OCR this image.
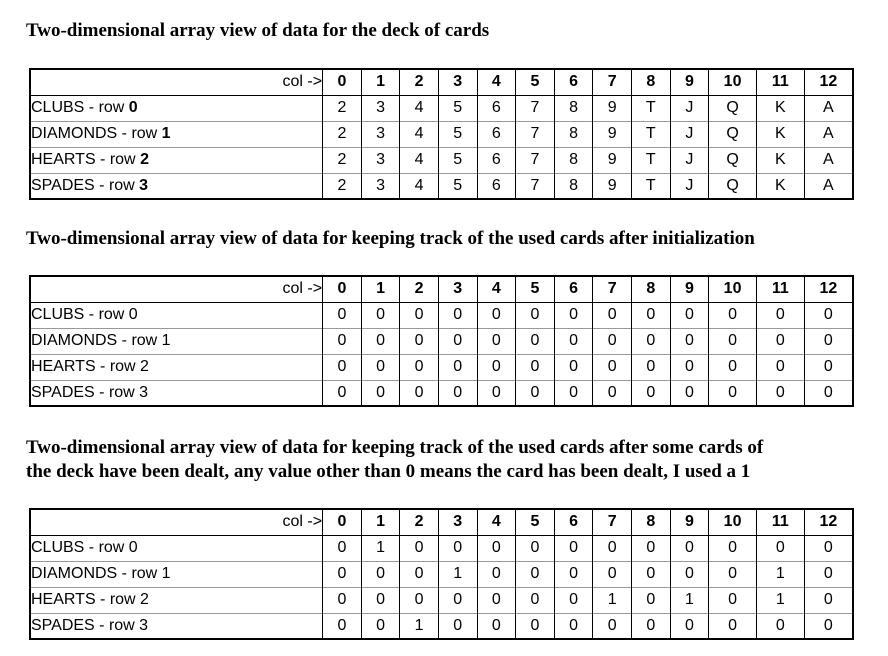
Two-dimensional array view of data for the deck of cards
col ->	0	1	2	3	4	5	6	7	8	9	10	11	12
CLUBS - row 0	2	3	4	5	6	7	8	9	T	J	Q	K	A
DIAMONDS - row 1	2	3	4	5	6	7	8	9	T	J	Q	K	A
HEARTS - row 2	2	3	4	5	6	7	8	9	T	J	Q	K	A
SPADES - row 3	2	3	4	5	6	7	8	9	T	J	Q	K	A
Two-dimensional array view of data for keeping track of the used cards after initialization
col ->	0	1	2	3	4	5	6	7	8	9	10	11	12
CLUBS - row 0	0	0	0	0	0	0	0	0	0	0	0	0	0
DIAMONDS - row 1	0	0	0	0	0	0	0	0	0	0	0	0	0
HEARTS - row 2	0	0	0	0	0	0	0	0	0	0	0	0	0
SPADES - row 3	0	0	0	0	0	0	0	0	0	0	0	0	0
Two-dimensional array view of data for keeping track of the used cards after some cards of
the deck have been dealt, any value other than 0 means the card has been dealt, I used a 1
col ->	0	1	2	3	4	5	6	7	8	9	10	11	12
CLUBS - row 0	0	1	0	0	0	0	0	0	0	0	0	0	0
DIAMONDS - row 1	0	0	0	1	0	0	0	0	0	0	0	1	0
HEARTS - row 2	0	0	0	0	0	0	0	1	0	1	0	1	0
SPADES - row 3	0	0	1	0	0	0	0	0	0	0	0	0	0
